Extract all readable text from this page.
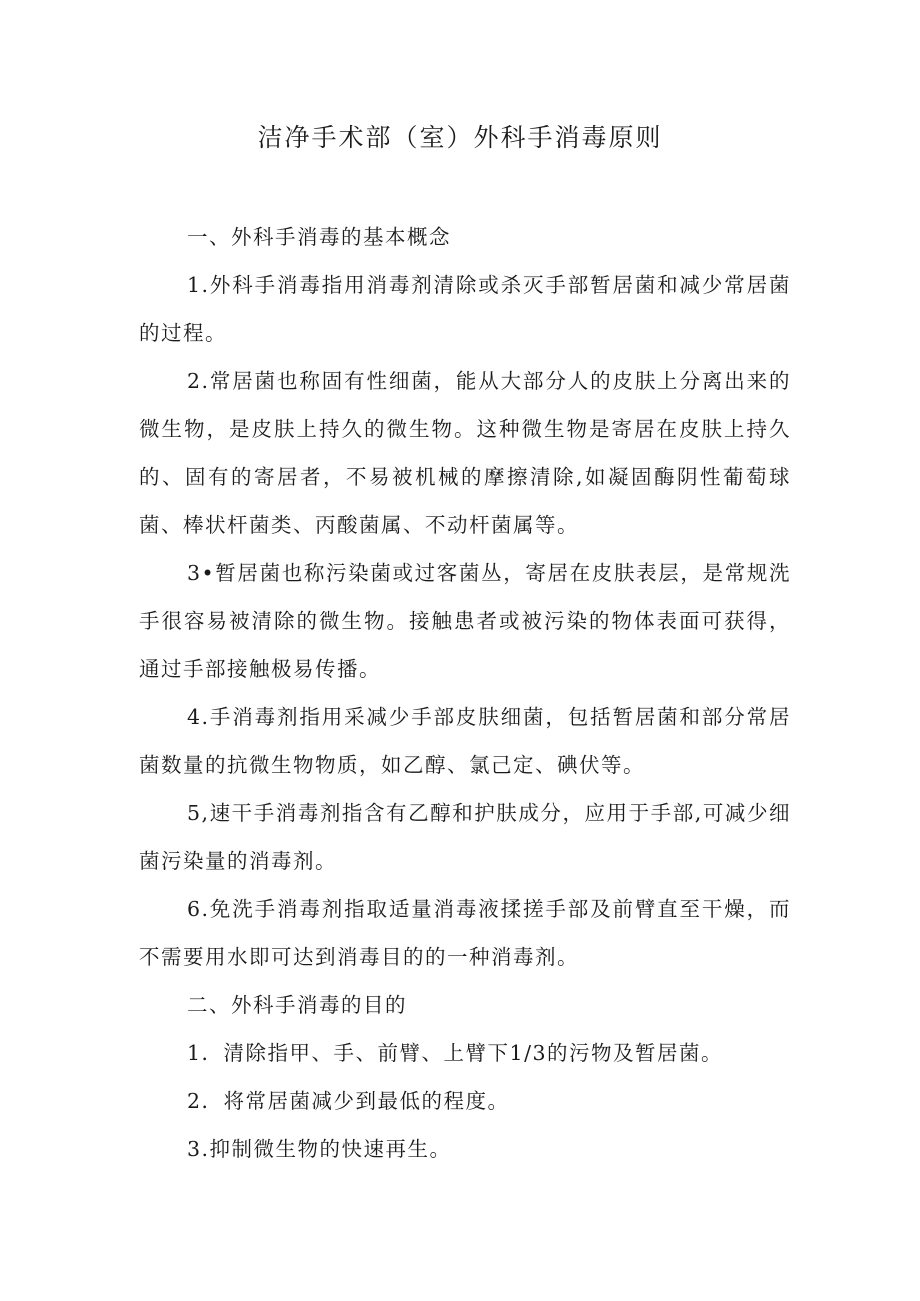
洁净手术部（室）外科手消毒原则

一、外科手消毒的基本概念

1.外科手消毒指用消毒剂清除或杀灭手部暂居菌和减少常居菌的过程。

2.常居菌也称固有性细菌，能从大部分人的皮肤上分离出来的微生物，是皮肤上持久的微生物。这种微生物是寄居在皮肤上持久的、固有的寄居者，不易被机械的摩擦清除,如凝固酶阴性葡萄球菌、棒状杆菌类、丙酸菌属、不动杆菌属等。

3•暂居菌也称污染菌或过客菌丛，寄居在皮肤表层，是常规洗手很容易被清除的微生物。接触患者或被污染的物体表面可获得，通过手部接触极易传播。

4.手消毒剂指用采减少手部皮肤细菌，包括暂居菌和部分常居菌数量的抗微生物物质，如乙醇、氯己定、碘伏等。

5,速干手消毒剂指含有乙醇和护肤成分，应用于手部,可减少细菌污染量的消毒剂。

6.免洗手消毒剂指取适量消毒液揉搓手部及前臂直至干燥，而不需要用水即可达到消毒目的的一种消毒剂。

二、外科手消毒的目的

1．清除指甲、手、前臂、上臂下1/3的污物及暂居菌。

2．将常居菌减少到最低的程度。

3.抑制微生物的快速再生。
